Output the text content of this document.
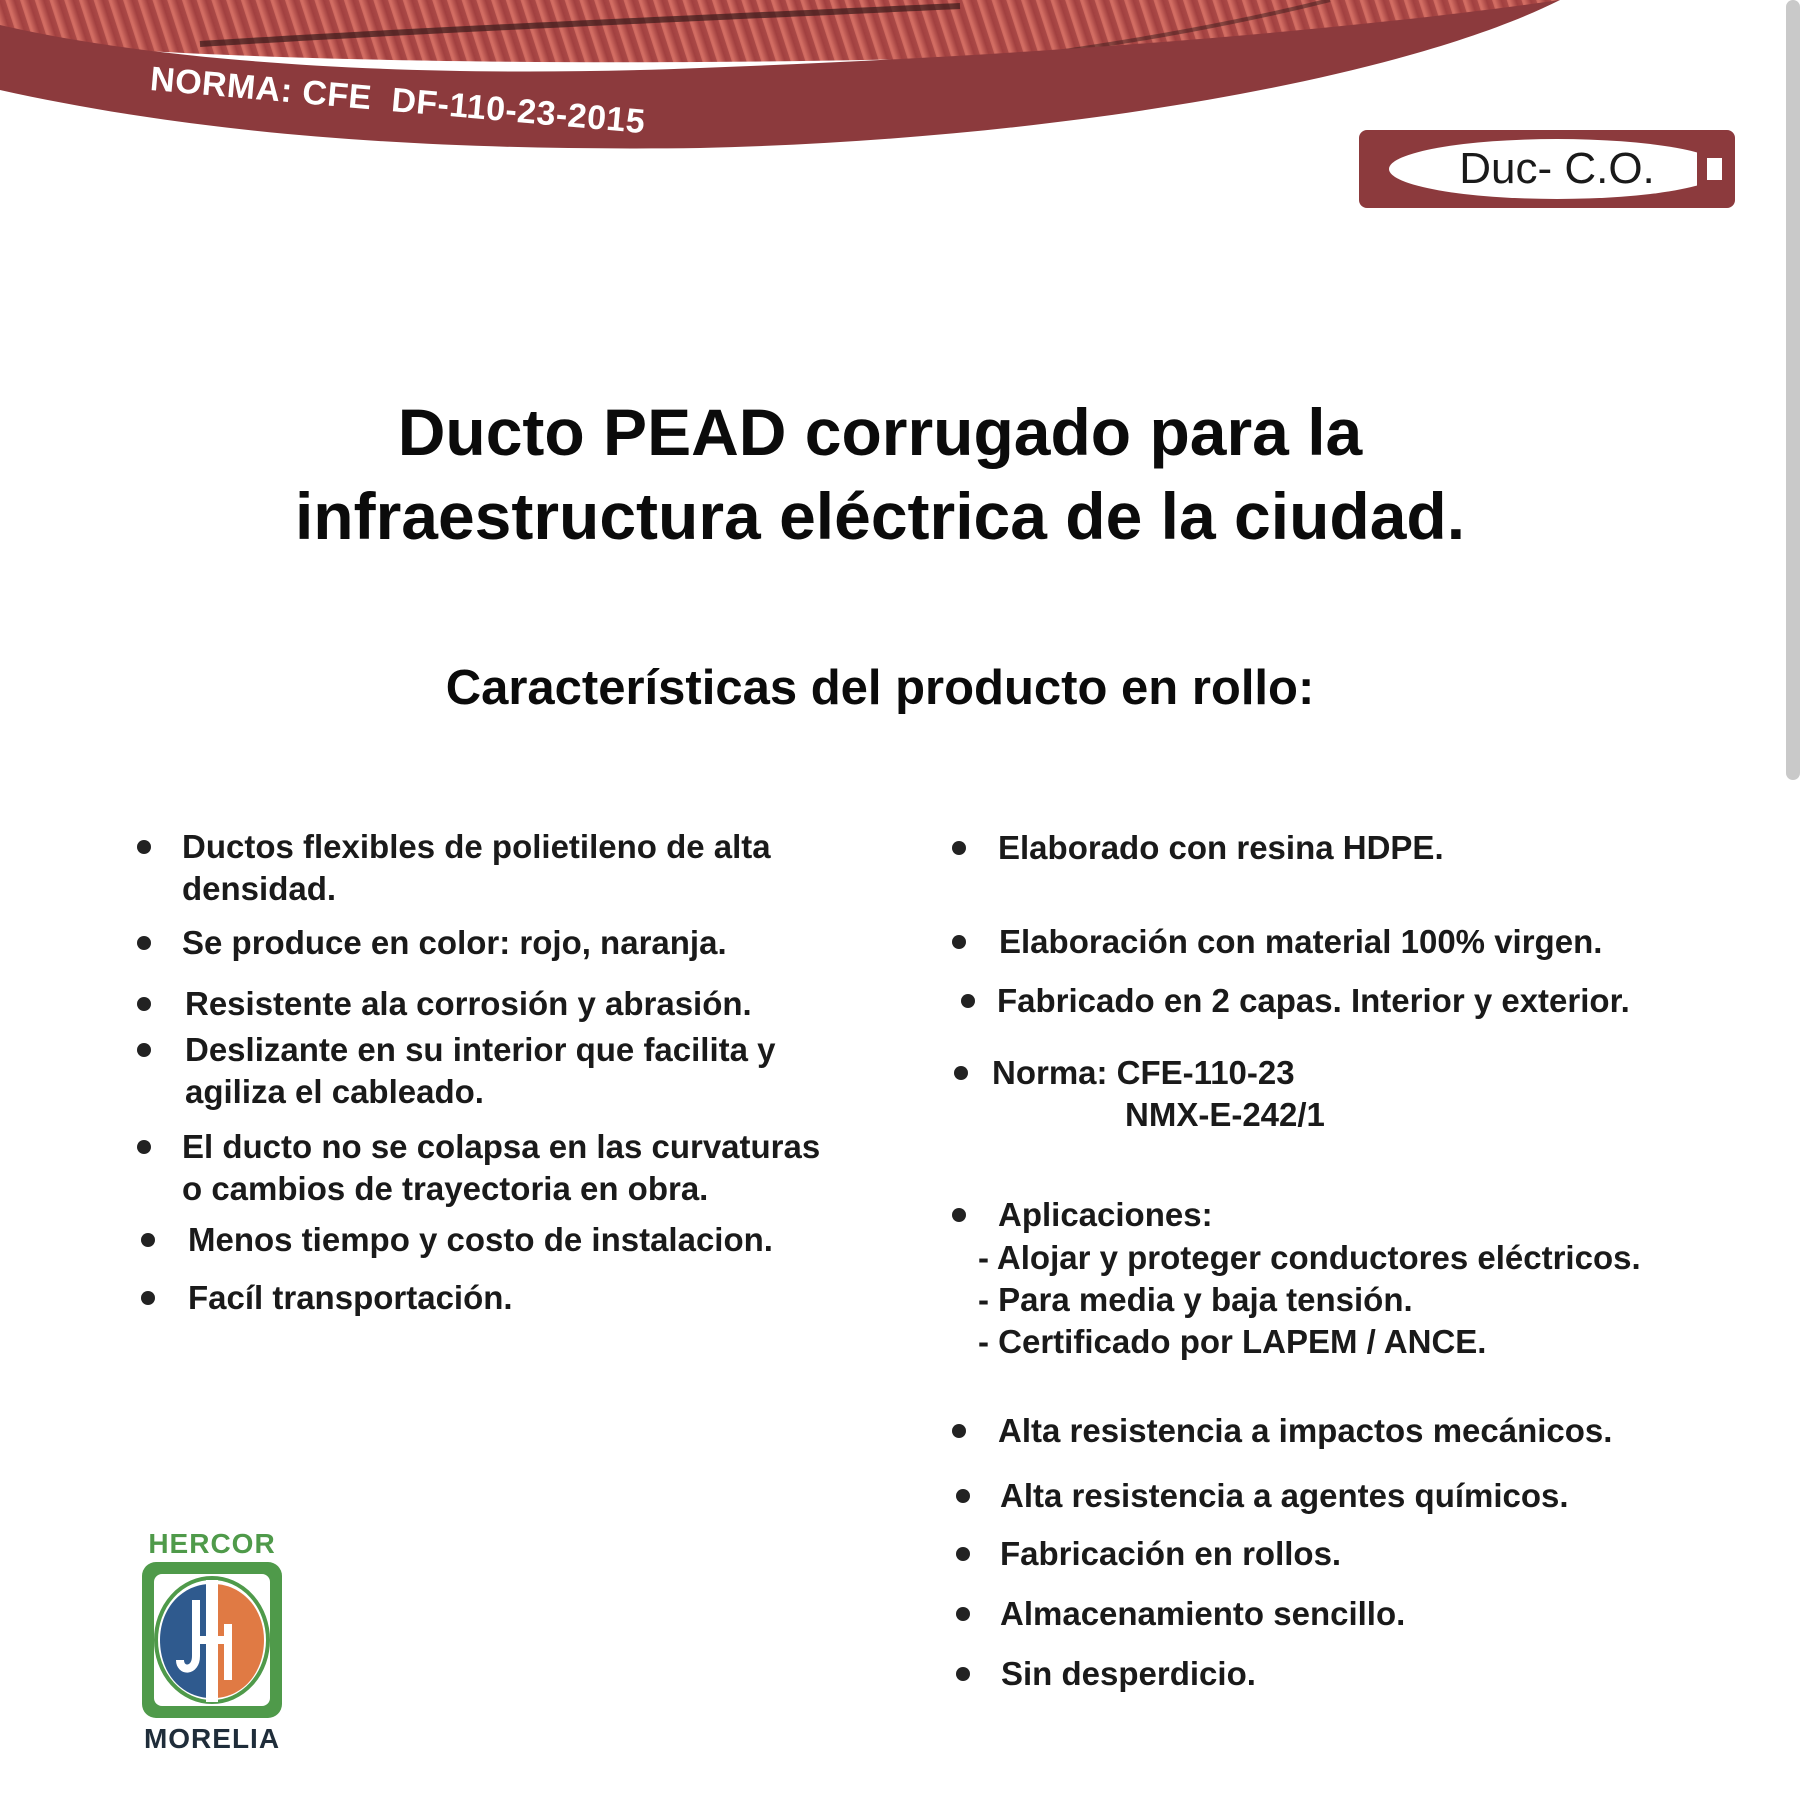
NORMA: CFE DF-110-23-2015
Duc- C.O.
Ducto PEAD corrugado para la
infraestructura eléctrica de la ciudad.
Características del producto en rollo:
Ductos flexibles de polietileno de alta
densidad.
Se produce en color: rojo, naranja.
Resistente ala corrosión y abrasión.
Deslizante en su interior que facilita y
agiliza el cableado.
El ducto no se colapsa en las curvaturas
o cambios de trayectoria en obra.
Menos tiempo y costo de instalacion.
Facíl transportación.
Elaborado con resina HDPE.
Elaboración con material 100% virgen.
Fabricado en 2 capas. Interior y exterior.
Norma: CFE-110-23
NMX-E-242/1
Aplicaciones:
- Alojar y proteger conductores eléctricos.
- Para media y baja tensión.
- Certificado por LAPEM / ANCE.
Alta resistencia a impactos mecánicos.
Alta resistencia a agentes químicos.
Fabricación en rollos.
Almacenamiento sencillo.
Sin desperdicio.
HERCOR
MORELIA
